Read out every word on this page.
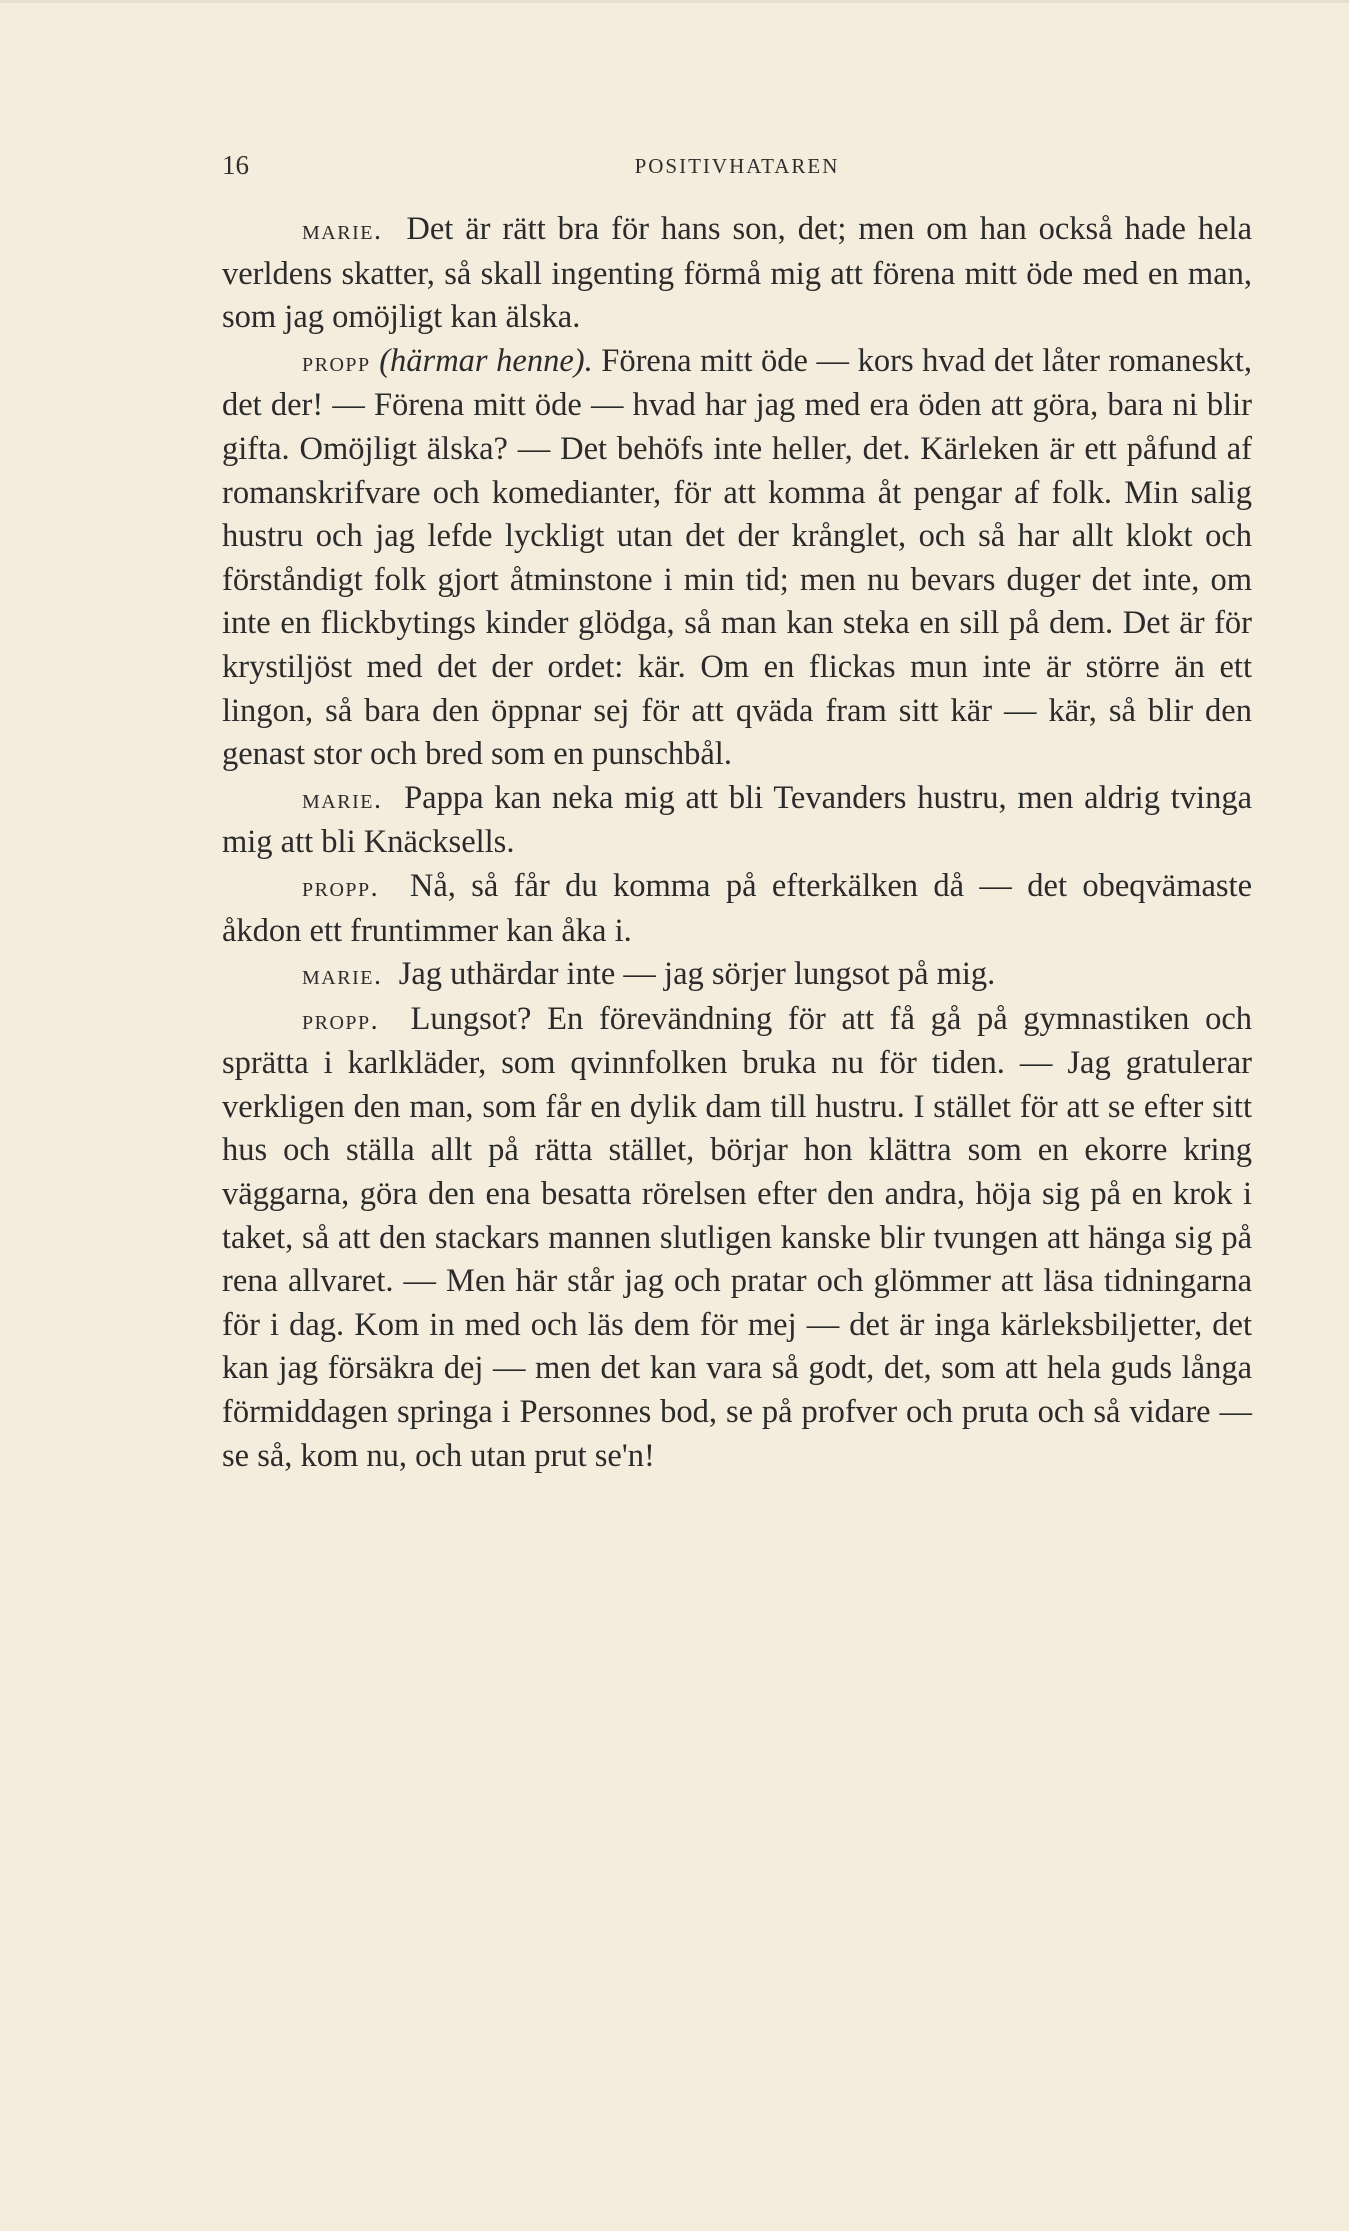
16	POSITIVHATAREN

marie. Det är rätt bra för hans son, det; men om han också hade hela verldens skatter, så skall ingenting förmå mig att förena mitt öde med en man, som jag omöjligt kan älska.

propp (härmar henne). Förena mitt öde — kors hvad det låter romaneskt, det der! — Förena mitt öde — hvad har jag med era öden att göra, bara ni blir gifta. Omöjligt älska? — Det behöfs inte heller, det. Kärleken är ett påfund af romanskrifvare och komedianter, för att komma åt pengar af folk. Min salig hustru och jag lefde lyckligt utan det der krånglet, och så har allt klokt och förståndigt folk gjort åtminstone i min tid; men nu bevars duger det inte, om inte en flickbytings kinder glödga, så man kan steka en sill på dem. Det är för krystiljöst med det der ordet: kär. Om en flickas mun inte är större än ett lingon, så bara den öppnar sej för att qväda fram sitt kär — kär, så blir den genast stor och bred som en punschbål.

marie. Pappa kan neka mig att bli Tevanders hustru, men aldrig tvinga mig att bli Knäcksells.

propp. Nå, så får du komma på efterkälken då — det obeqvämaste åkdon ett fruntimmer kan åka i.

marie. Jag uthärdar inte — jag sörjer lungsot på mig.

propp. Lungsot? En förevändning för att få gå på gymnastiken och sprätta i karlkläder, som qvinnfolken bruka nu för tiden. — Jag gratulerar verkligen den man, som får en dylik dam till hustru. I stället för att se efter sitt hus och ställa allt på rätta stället, börjar hon klättra som en ekorre kring väggarna, göra den ena besatta rörelsen efter den andra, höja sig på en krok i taket, så att den stackars mannen slutligen kanske blir tvungen att hänga sig på rena allvaret. — Men här står jag och pratar och glömmer att läsa tidningarna för i dag. Kom in med och läs dem för mej — det är inga kärleksbiljetter, det kan jag försäkra dej — men det kan vara så godt, det, som att hela guds långa förmiddagen springa i Personnes bod, se på profver och pruta och så vidare — se så, kom nu, och utan prut se'n!
